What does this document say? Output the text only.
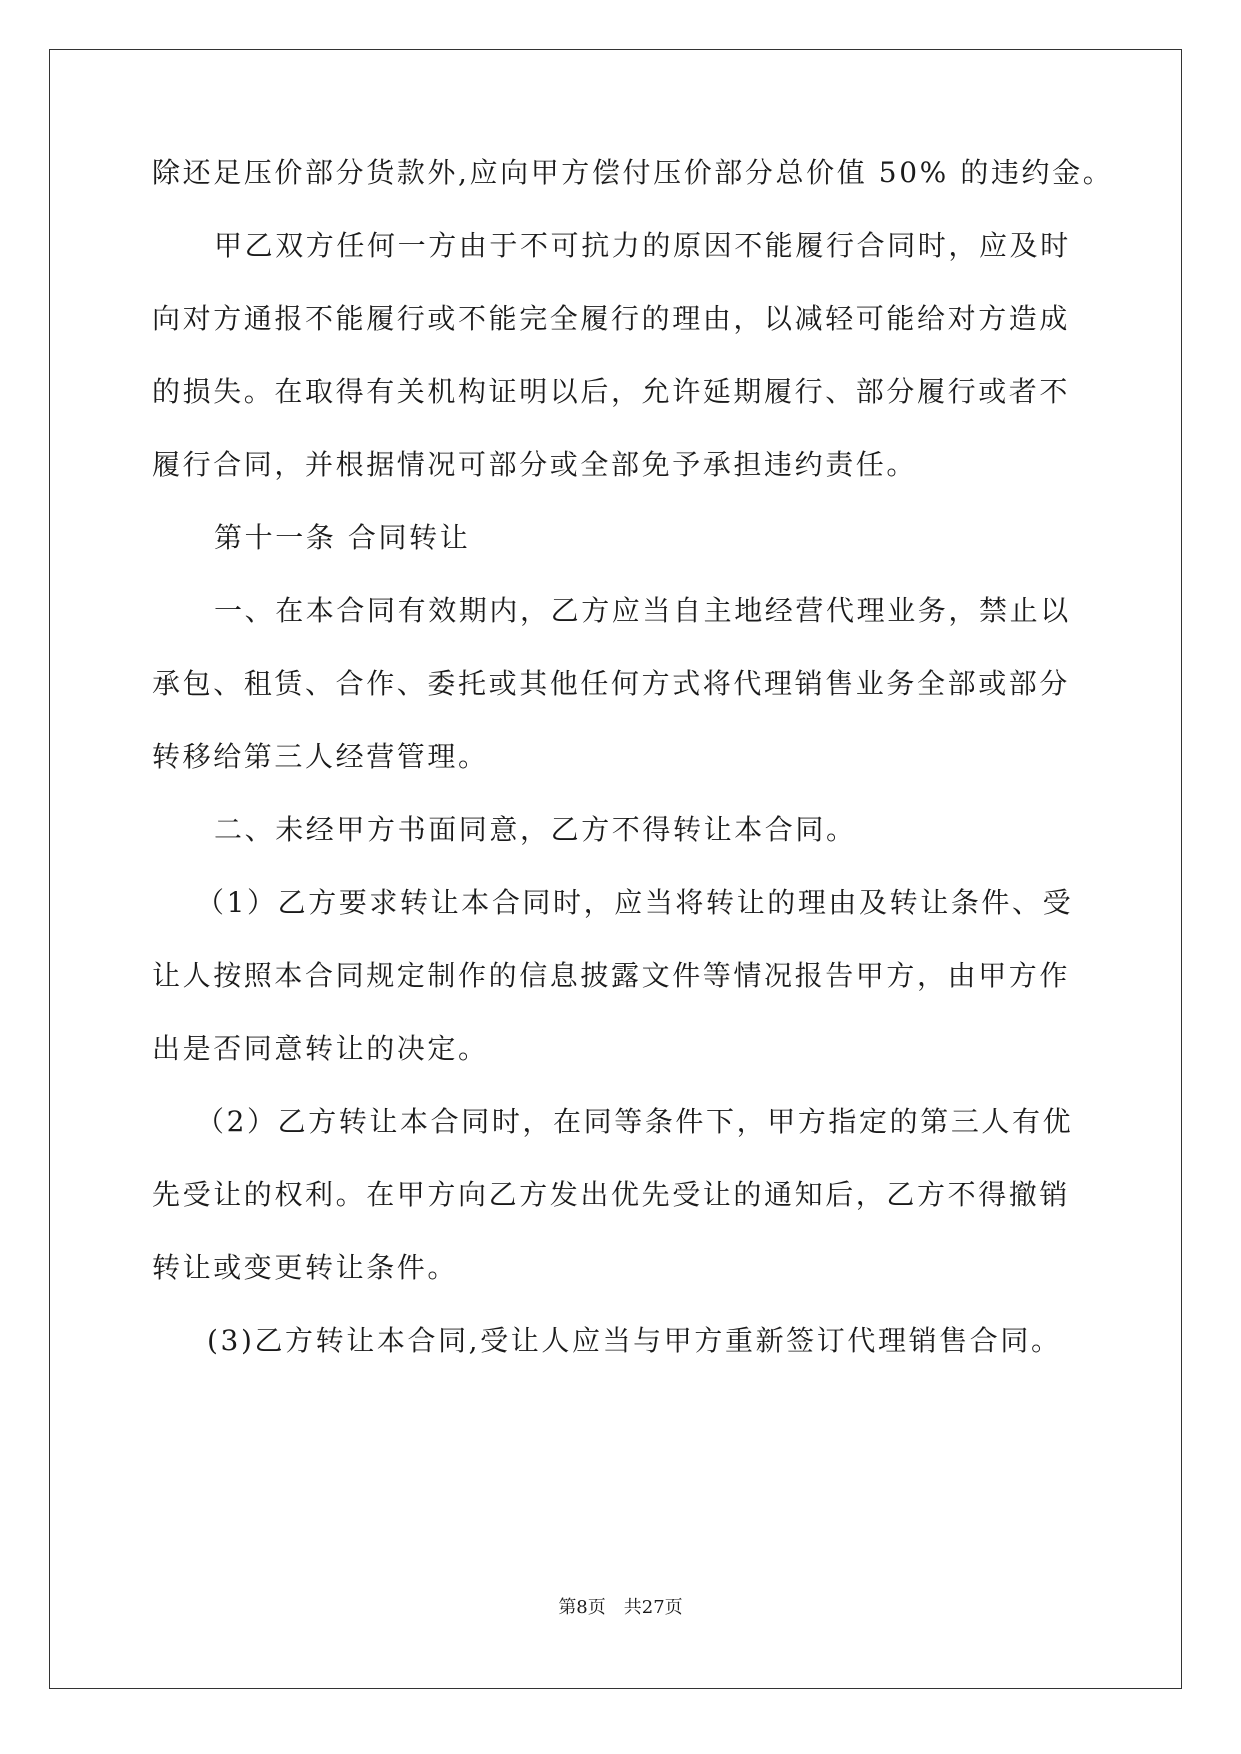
除还足压价部分货款外,应向甲方偿付压价部分总价值 50% 的违约金。
甲乙双方任何一方由于不可抗力的原因不能履行合同时，应及时
向对方通报不能履行或不能完全履行的理由，以减轻可能给对方造成
的损失。在取得有关机构证明以后，允许延期履行、部分履行或者不
履行合同，并根据情况可部分或全部免予承担违约责任。
第十一条 合同转让
一、在本合同有效期内，乙方应当自主地经营代理业务，禁止以
承包、租赁、合作、委托或其他任何方式将代理销售业务全部或部分
转移给第三人经营管理。
二、未经甲方书面同意，乙方不得转让本合同。
（1）乙方要求转让本合同时，应当将转让的理由及转让条件、受
让人按照本合同规定制作的信息披露文件等情况报告甲方，由甲方作
出是否同意转让的决定。
（2）乙方转让本合同时，在同等条件下，甲方指定的第三人有优
先受让的权利。在甲方向乙方发出优先受让的通知后，乙方不得撤销
转让或变更转让条件。
(3)乙方转让本合同,受让人应当与甲方重新签订代理销售合同。
第8页 共27页
